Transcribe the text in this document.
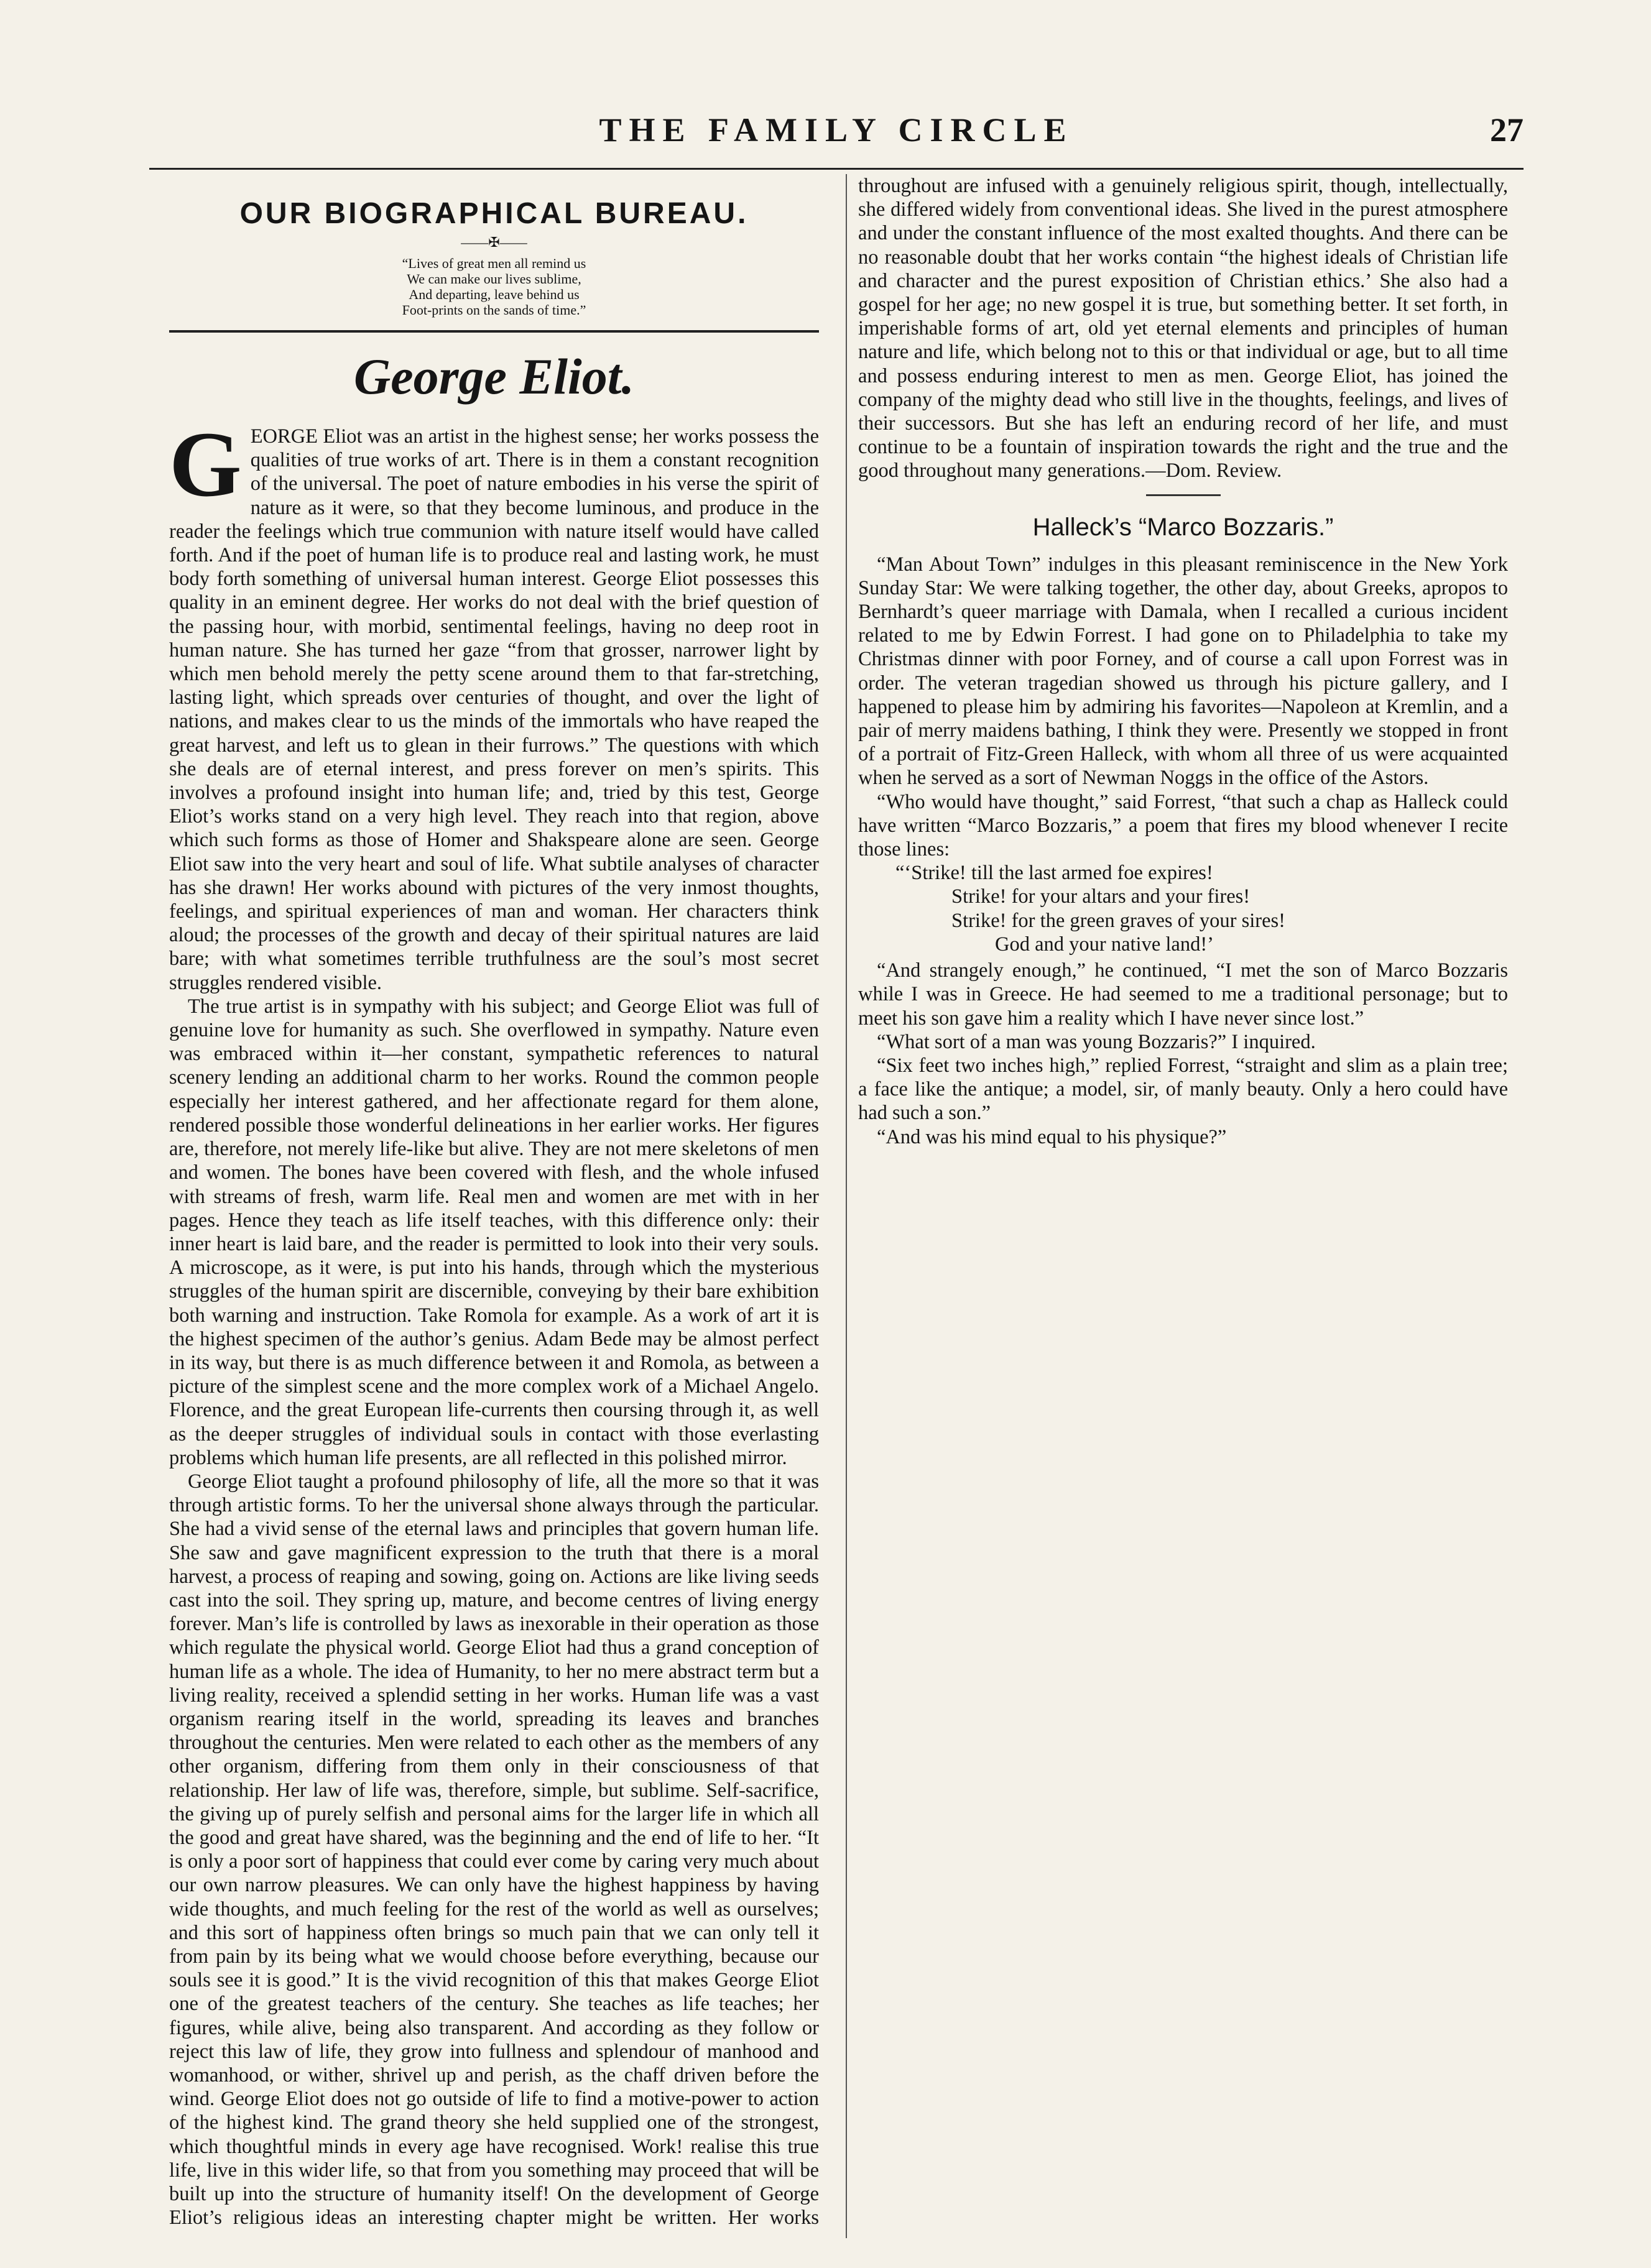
THE FAMILY CIRCLE	27
OUR BIOGRAPHICAL BUREAU.
——✠——
“Lives of great men all remind us
We can make our lives sublime,
And departing, leave behind us
Foot-prints on the sands of time.”
George Eliot.

GEORGE Eliot was an artist in the highest sense; her works possess the qualities of true works of art. There is in them a constant recognition of the universal. The poet of nature embodies in his verse the spirit of nature as it were, so that they become luminous, and produce in the reader the feelings which true communion with nature itself would have called forth. And if the poet of human life is to produce real and lasting work, he must body forth something of universal human interest. George Eliot possesses this quality in an eminent degree. Her works do not deal with the brief question of the passing hour, with morbid, sentimental feelings, having no deep root in human nature. She has turned her gaze “from that grosser, narrower light by which men behold merely the petty scene around them to that far-stretching, lasting light, which spreads over centuries of thought, and over the light of nations, and makes clear to us the minds of the immortals who have reaped the great harvest, and left us to glean in their furrows.” The questions with which she deals are of eternal interest, and press forever on men’s spirits. This involves a profound insight into human life; and, tried by this test, George Eliot’s works stand on a very high level. They reach into that region, above which such forms as those of Homer and Shakspeare alone are seen. George Eliot saw into the very heart and soul of life. What subtile analyses of character has she drawn! Her works abound with pictures of the very inmost thoughts, feelings, and spiritual experiences of man and woman. Her characters think aloud; the processes of the growth and decay of their spiritual natures are laid bare; with what sometimes terrible truthfulness are the soul’s most secret struggles rendered visible.

The true artist is in sympathy with his subject; and George Eliot was full of genuine love for humanity as such. She overflowed in sympathy. Nature even was embraced within it—her constant, sympathetic references to natural scenery lending an additional charm to her works. Round the common people especially her interest gathered, and her affectionate regard for them alone, rendered possible those wonderful delineations in her earlier works. Her figures are, therefore, not merely life-like but alive. They are not mere skeletons of men and women. The bones have been covered with flesh, and the whole infused with streams of fresh, warm life. Real men and women are met with in her pages. Hence they teach as life itself teaches, with this difference only: their inner heart is laid bare, and the reader is permitted to look into their very souls. A microscope, as it were, is put into his hands, through which the mysterious struggles of the human spirit are discernible, conveying by their bare exhibition both warning and instruction. Take Romola for example. As a work of art it is the highest specimen of the author’s genius. Adam Bede may be almost perfect in its way, but there is as much difference between it and Romola, as between a picture of the simplest scene and the more complex work of a Michael Angelo. Florence, and the great European life-currents then coursing through it, as well as the deeper struggles of individual souls in contact with those everlasting problems which human life presents, are all reflected in this polished mirror.

George Eliot taught a profound philosophy of life, all the more so that it was through artistic forms. To her the universal shone always through the particular. She had a vivid sense of the eternal laws and principles that govern human life. She saw and gave magnificent expression to the truth that there is a moral harvest, a process of reaping and sowing, going on. Actions are like living seeds cast into the soil. They spring up, mature, and become centres of living energy forever. Man’s life is controlled by laws as inexorable in their operation as those which regulate the physical world. George Eliot had thus a grand conception of human life as a whole. The idea of Humanity, to her no mere abstract term but a living reality, received a splendid setting in her works. Human life was a vast organism rearing itself in the world, spreading its leaves and branches throughout the centuries. Men were related to each other as the members of any other organism, differing from them only in their consciousness of that relationship. Her law of life was, therefore, simple, but sublime. Self-sacrifice, the giving up of purely selfish and personal aims for the larger life in which all the good and great have shared, was the beginning and the end of life to her. “It is only a poor sort of happiness that could ever come by caring very much about our own narrow pleasures. We can only have the highest happiness by having wide thoughts, and much feeling for the rest of the world as well as ourselves; and this sort of happiness often brings so much pain that we can only tell it from pain by its being what we would choose before everything, because our souls see it is good.” It is the vivid recognition of this that makes George Eliot one of the greatest teachers of the century. She teaches as life teaches; her figures, while alive, being also transparent. And according as they follow or reject this law of life, they grow into fullness and splendour of manhood and womanhood, or wither, shrivel up and perish, as the chaff driven before the wind. George Eliot does not go outside of life to find a motive-power to action of the highest kind. The grand theory she held supplied one of the strongest, which thoughtful minds in every age have recognised. Work! realise this true life, live in this wider life, so that from you something may proceed that will be built up into the structure of humanity itself! On the development of George Eliot’s religious ideas an interesting chapter might be written. Her works

throughout are infused with a genuinely religious spirit, though, intellectually, she differed widely from conventional ideas. She lived in the purest atmosphere and under the constant influence of the most exalted thoughts. And there can be no reasonable doubt that her works contain “the highest ideals of Christian life and character and the purest exposition of Christian ethics.’ She also had a gospel for her age; no new gospel it is true, but something better. It set forth, in imperishable forms of art, old yet eternal elements and principles of human nature and life, which belong not to this or that individual or age, but to all time and possess enduring interest to men as men. George Eliot, has joined the company of the mighty dead who still live in the thoughts, feelings, and lives of their successors. But she has left an enduring record of her life, and must continue to be a fountain of inspiration towards the right and the true and the good throughout many generations.—Dom. Review.

Halleck’s “Marco Bozzaris.”

“Man About Town” indulges in this pleasant reminiscence in the New York Sunday Star: We were talking together, the other day, about Greeks, apropos to Bernhardt’s queer marriage with Damala, when I recalled a curious incident related to me by Edwin Forrest. I had gone on to Philadelphia to take my Christmas dinner with poor Forney, and of course a call upon Forrest was in order. The veteran tragedian showed us through his picture gallery, and I happened to please him by admiring his favorites—Napoleon at Kremlin, and a pair of merry maidens bathing, I think they were. Presently we stopped in front of a portrait of Fitz-Green Halleck, with whom all three of us were acquainted when he served as a sort of Newman Noggs in the office of the Astors.

“Who would have thought,” said Forrest, “that such a chap as Halleck could have written “Marco Bozzaris,” a poem that fires my blood whenever I recite those lines:

“‘Strike! till the last armed foe expires!
Strike! for your altars and your fires!
Strike! for the green graves of your sires!
God and your native land!’

“And strangely enough,” he continued, “I met the son of Marco Bozzaris while I was in Greece. He had seemed to me a traditional personage; but to meet his son gave him a reality which I have never since lost.”

“What sort of a man was young Bozzaris?” I inquired.

“Six feet two inches high,” replied Forrest, “straight and slim as a plain tree; a face like the antique; a model, sir, of manly beauty. Only a hero could have had such a son.”

“And was his mind equal to his physique?”
